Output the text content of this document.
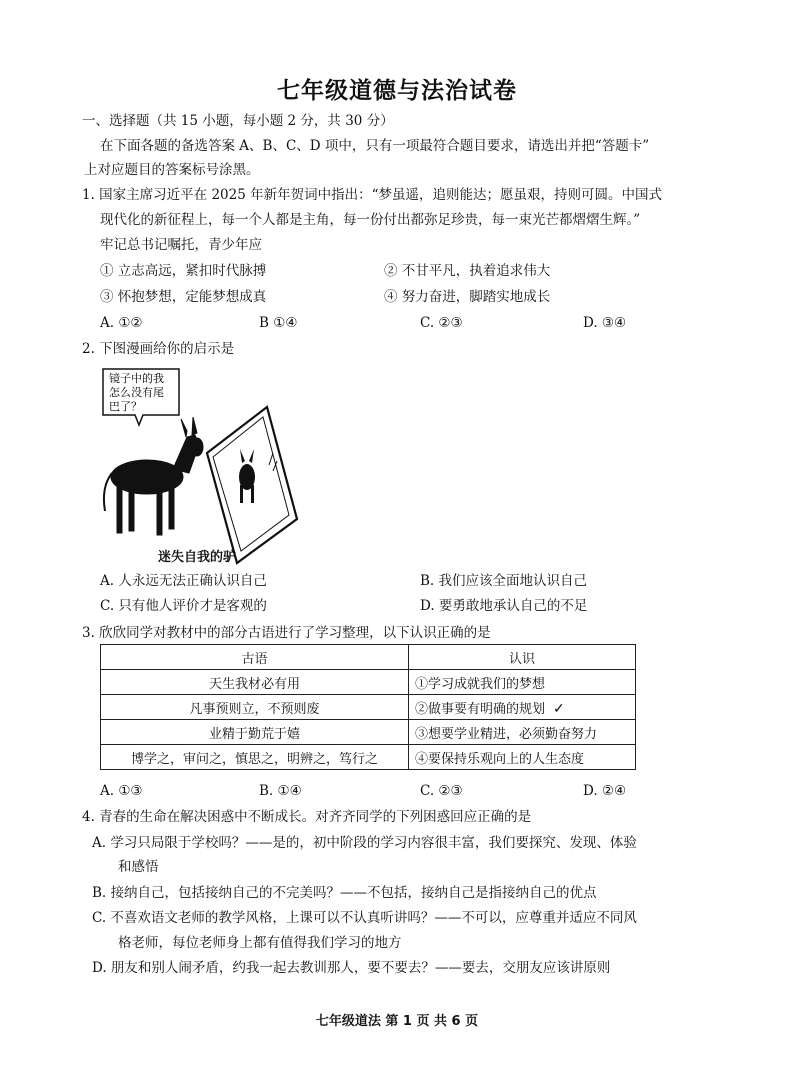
七年级道德与法治试卷
一、选择题（共 15 小题，每小题 2 分，共 30 分）
在下面各题的备选答案 A、B、C、D 项中，只有一项最符合题目要求，请选出并把“答题卡”
上对应题目的答案标号涂黑。
1. 国家主席习近平在 2025 年新年贺词中指出：“梦虽遥，追则能达；愿虽艰，持则可圆。中国式
现代化的新征程上，每一个人都是主角，每一份付出都弥足珍贵，每一束光芒都熠熠生辉。”
牢记总书记嘱托，青少年应
① 立志高远，紧扣时代脉搏	② 不甘平凡，执着追求伟大
③ 怀抱梦想，定能梦想成真	④ 努力奋进，脚踏实地成长
A. ①②	B ①④	C. ②③	D. ③④
2. 下图漫画给你的启示是
镜子中的我
怎么没有尾
巴了？
迷失自我的驴
A. 人永远无法正确认识自己	B. 我们应该全面地认识自己
C. 只有他人评价才是客观的	D. 要勇敢地承认自己的不足
3. 欣欣同学对教材中的部分古语进行了学习整理，以下认识正确的是
古语	认识
天生我材必有用	①学习成就我们的梦想
凡事预则立，不预则废	②做事要有明确的规划 ✓
业精于勤荒于嬉	③想要学业精进，必须勤奋努力
博学之，审问之，慎思之，明辨之，笃行之	④要保持乐观向上的人生态度
A. ①③	B. ①④	C. ②③	D. ②④
4. 青春的生命在解决困惑中不断成长。对齐齐同学的下列困惑回应正确的是
A. 学习只局限于学校吗？——是的，初中阶段的学习内容很丰富，我们要探究、发现、体验
和感悟
B. 接纳自己，包括接纳自己的不完美吗？——不包括，接纳自己是指接纳自己的优点
C. 不喜欢语文老师的教学风格，上课可以不认真听讲吗？——不可以，应尊重并适应不同风
格老师，每位老师身上都有值得我们学习的地方
D. 朋友和别人闹矛盾，约我一起去教训那人，要不要去？——要去，交朋友应该讲原则
七年级道法 第 1 页 共 6 页
